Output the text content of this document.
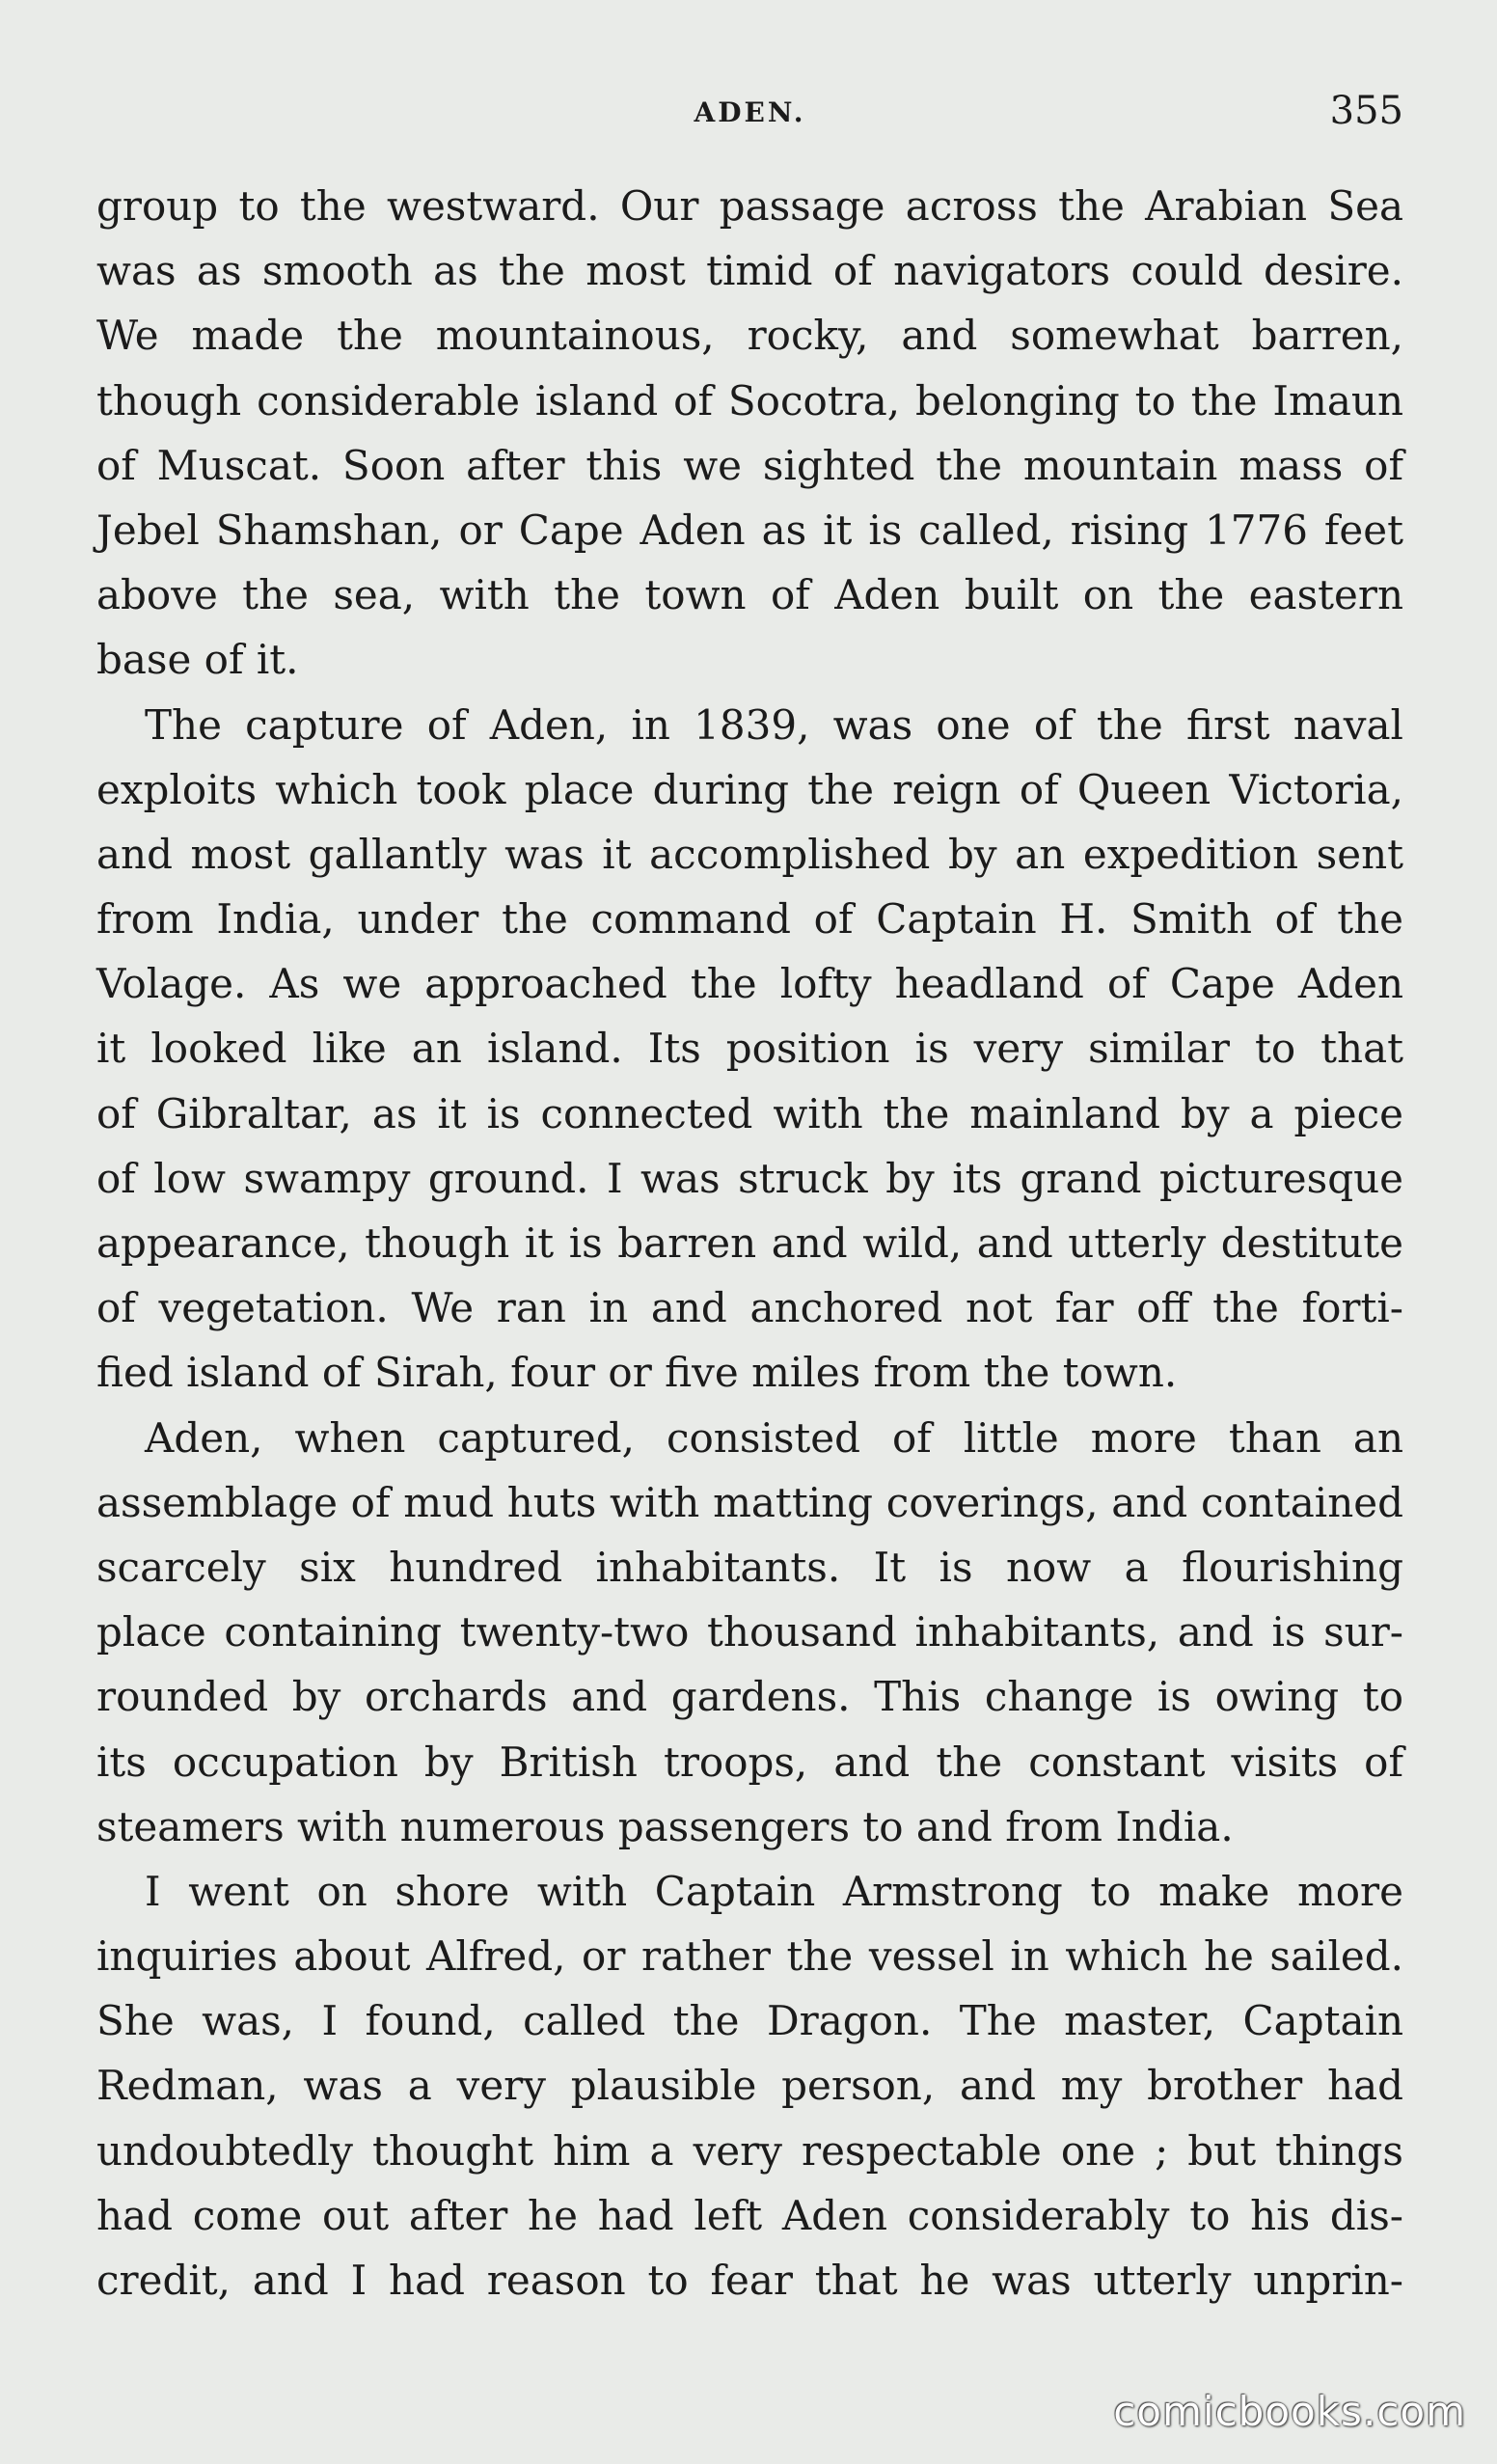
ADEN.	355
group to the westward. Our passage across the Arabian Sea
was as smooth as the most timid of navigators could desire.
We made the mountainous, rocky, and somewhat barren,
though considerable island of Socotra, belonging to the Imaun
of Muscat. Soon after this we sighted the mountain mass of
Jebel Shamshan, or Cape Aden as it is called, rising 1776 feet
above the sea, with the town of Aden built on the eastern
base of it.
The capture of Aden, in 1839, was one of the first naval
exploits which took place during the reign of Queen Victoria,
and most gallantly was it accomplished by an expedition sent
from India, under the command of Captain H. Smith of the
Volage. As we approached the lofty headland of Cape Aden
it looked like an island. Its position is very similar to that
of Gibraltar, as it is connected with the mainland by a piece
of low swampy ground. I was struck by its grand picturesque
appearance, though it is barren and wild, and utterly destitute
of vegetation. We ran in and anchored not far off the forti-
fied island of Sirah, four or five miles from the town.
Aden, when captured, consisted of little more than an
assemblage of mud huts with matting coverings, and contained
scarcely six hundred inhabitants. It is now a flourishing
place containing twenty-two thousand inhabitants, and is sur-
rounded by orchards and gardens. This change is owing to
its occupation by British troops, and the constant visits of
steamers with numerous passengers to and from India.
I went on shore with Captain Armstrong to make more
inquiries about Alfred, or rather the vessel in which he sailed.
She was, I found, called the Dragon. The master, Captain
Redman, was a very plausible person, and my brother had
undoubtedly thought him a very respectable one ; but things
had come out after he had left Aden considerably to his dis-
credit, and I had reason to fear that he was utterly unprin-
comicbooks.com
